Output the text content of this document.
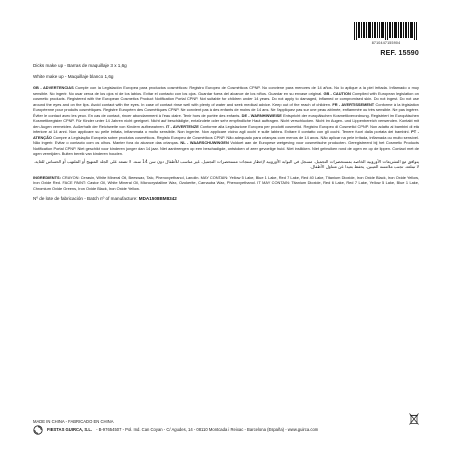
8710447155904
REF. 15590

Dicks make up - Barras de maquillaje 3 x 1,6g

White make up - Maquillaje blanco 1,6g

GB - ADVERTENCIAS Cumple con la Legislación Europea para productos cosméticos: Registro Europeo de Cosméticos CPNP. No conviene para menores de 14 años. No lo aplique a la piel irritada. Inflamado o muy sensible. No ingerir. No usar cerca de los ojos ni de los labios. Evitar el contacto con los ojos. Guardar fuera del alcance de los niños. Guardar en su envase original. GB - CAUTION Complied with European legislation on cosmetic products. Registered with the European Cosmetics Product Notification Portal CPNP. Not suitable for children under 14 years. Do not apply to damaged, inflamed or compromised skin. Do not ingest. Do not use around the eyes and on the lips. Avoid contact with the eyes. In case of contact rinse well with plenty of water and seek medical advice. Keep out of the reach of children. FR - AVERTISSEMENT Conforme à la législation Européenne pour produits cosmétiques. Registre Européen des Cosmétiques CPNP. Ne convient pas à des enfants de moins de 14 ans. Ne l'appliquez pas sur une peau abîmée, enflammée ou très sensible. Ne pas ingérer. Éviter le contact avec les yeux. En cas de contact, rincer abondamment à l'eau claire. Tenir hors de portée des enfants. DE - WARNHINWEISE Entspricht der europäischen Kosmetikverordnung. Registriert im Europäischen Kosmetikregister CPNP. Für Kinder unter 14 Jahren nicht geeignet. Nicht auf beschädigte, entzündete oder sehr empfindliche Haut auftragen. Nicht verschlucken. Nicht im Augen- und Lippenbereich verwenden. Kontakt mit den Augen vermeiden. Außerhalb der Reichweite von Kindern aufbewahren. IT - AVVERTENZE Conforme alla Legislazione Europea per prodotti cosmetici. Registro Europeo di Cosmetici CPNP. Non adatto ai bambini di età inferiore ai 14 anni. Non applicare su pelle irritata, infiammata o molto sensibile. Non ingerire. Non applicare vicino agli occhi e sulle labbra. Evitare il contatto con gli occhi. Tenere fuori dalla portata dei bambini. PT - ATENÇÃO Cumpre a Legislação Europeia sobre produtos cosméticos. Registo Europeu de Cosméticos CPNP. Não adequado para crianças com menos de 14 anos. Não aplicar na pele irritada, inflamada ou muito sensível. Não ingerir. Evitar o contacto com os olhos. Manter fora do alcance das crianças. NL - WAARSCHUWINGEN Voldoet aan de Europese wetgeving voor cosmetische producten. Geregistreerd bij het Cosmetic Products Notification Portal CPNP. Niet geschikt voor kinderen jonger dan 14 jaar. Niet aanbrengen op een beschadigde, ontstoken of zeer gevoelige huid. Niet inslikken. Niet gebruiken rond de ogen en op de lippen. Contact met de ogen vermijden. Buiten bereik van kinderen houden.

يتوافق مع التشريعات الأوروبية الخاصة بمستحضرات التجميل. مسجل في البوابة الأوروبية لإخطار منتجات مستحضرات التجميل. غير مناسب للأطفال دون سن 14 سنة. لا تضعه على الجلد المتهيج أو الملتهب أو الحساس للغاية. لا تبتلعه. تجنب ملامسة العينين. يحفظ بعيدا عن متناول الأطفال.

INGREDIENTS: CRAYON: Cerasin, White Mineral Oil, Beeswax, Talc, Phenoxyethanol, Lanolin. MAY CONTAIN: Yellow 5 Lake, Blue 1 Lake, Red 7 Lake, Red 40 Lake, Titanium Dioxide, Iron Oxide Black, Iron Oxide Yellow, Iron Oxide Red. FACE PAINT: Castor Oil, White Mineral Oil, Microcrystalline Wax, Ozokerite, Carnauba Wax, Phenoxyethanol. IT MAY CONTAIN: Titanium Dioxide, Red 6 Lake, Red 7 Lake, Yellow 5 Lake, Blue 1 Lake, Chromium Oxide Greens, Iron Oxide Black, Iron Oxide Yellow.

Nº de lote de fabricación - Batch nº of manufacture: MDA1508BM8342

MADE IN CHINA - FABRICADO EN CHINA

FIESTAS GUIRCA, S.L. - B-97654507 - Pol. Ind. Can Coyan - C/ Agudes, 14 - 08110 Montcada i Reixac - Barcelona (España) - www.guirca.com
